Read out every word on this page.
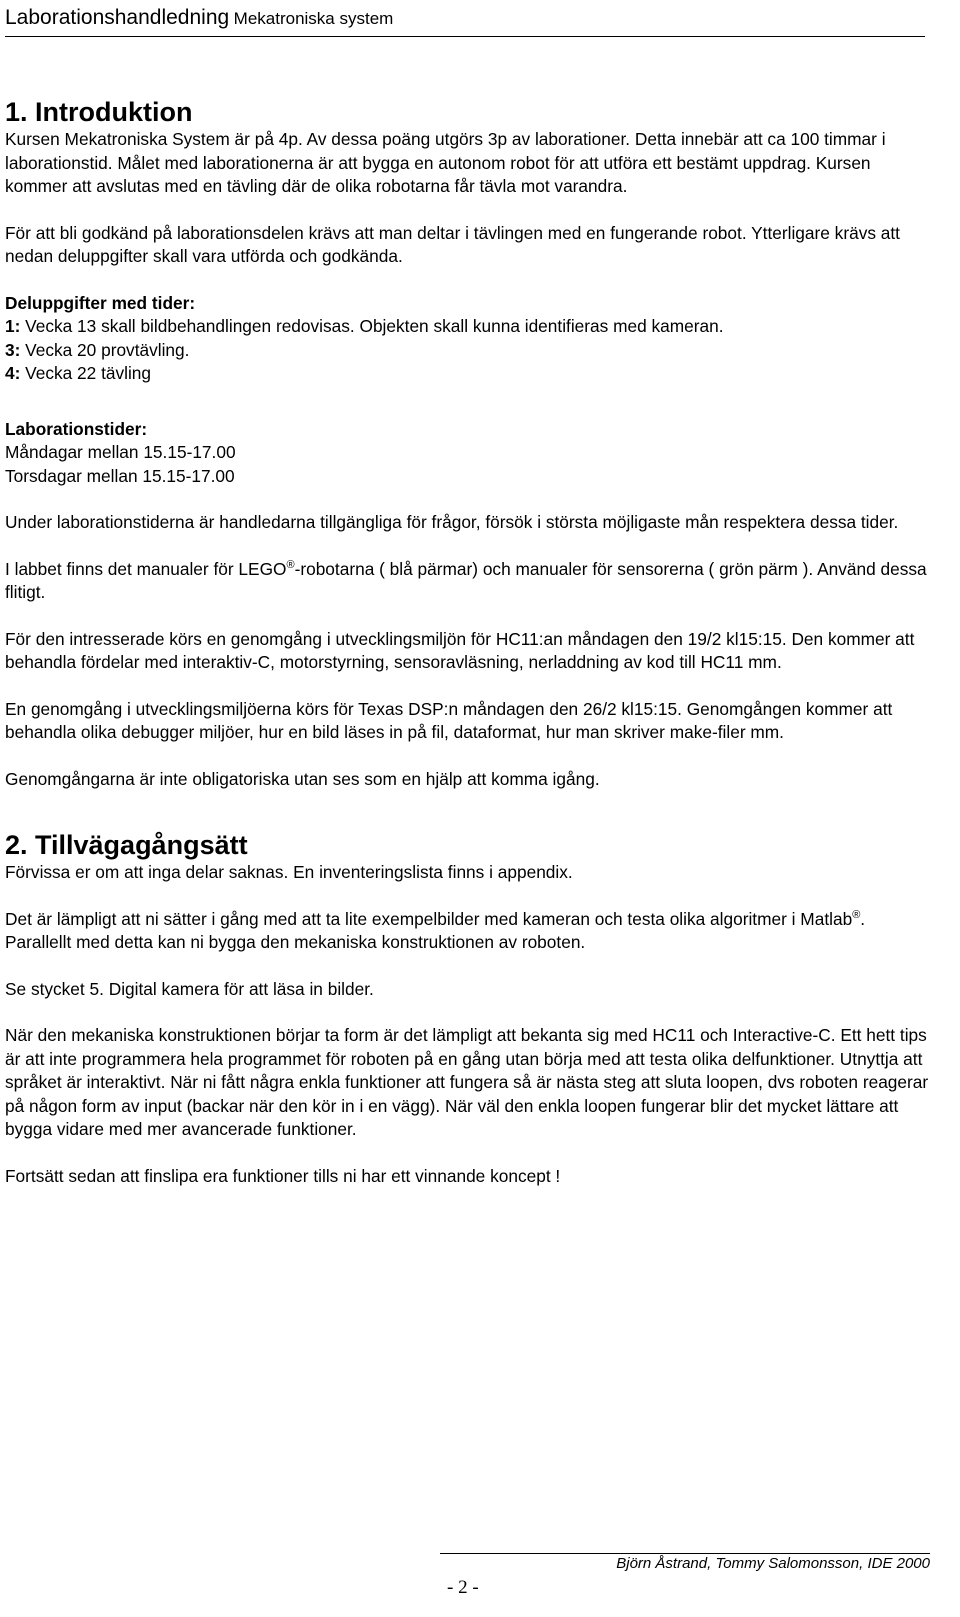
Laborationshandledning Mekatroniska system
1. Introduktion

Kursen Mekatroniska System är på 4p. Av dessa poäng utgörs 3p av laborationer. Detta innebär att ca 100 timmar i laborationstid. Målet med laborationerna är att bygga en autonom robot för att utföra ett bestämt uppdrag. Kursen kommer att avslutas med en tävling där de olika robotarna får tävla mot varandra.

För att bli godkänd på laborationsdelen krävs att man deltar i tävlingen med en fungerande robot. Ytterligare krävs att nedan deluppgifter skall vara utförda och godkända.

Deluppgifter med tider:

1: Vecka 13 skall bildbehandlingen redovisas. Objekten skall kunna identifieras med kameran.

3: Vecka 20 provtävling.

4: Vecka 22 tävling

Laborationstider:

Måndagar mellan 15.15-17.00

Torsdagar mellan 15.15-17.00

Under laborationstiderna är handledarna tillgängliga för frågor, försök i största möjligaste mån respektera dessa tider.

I labbet finns det manualer för LEGO®-robotarna ( blå pärmar) och manualer för sensorerna ( grön pärm ). Använd dessa flitigt.

För den intresserade körs en genomgång i utvecklingsmiljön för HC11:an måndagen den 19/2 kl15:15. Den kommer att behandla fördelar med interaktiv-C, motorstyrning, sensoravläsning, nerladdning av kod till HC11 mm.

En genomgång i utvecklingsmiljöerna körs för Texas DSP:n måndagen den 26/2 kl15:15. Genomgången kommer att behandla olika debugger miljöer, hur en bild läses in på fil, dataformat, hur man skriver make-filer mm.

Genomgångarna är inte obligatoriska utan ses som en hjälp att komma igång.

2. Tillvägagångsätt

Förvissa er om att inga delar saknas. En inventeringslista finns i appendix.

Det är lämpligt att ni sätter i gång med att ta lite exempelbilder med kameran och testa olika algoritmer i Matlab®. Parallellt med detta kan ni bygga den mekaniska konstruktionen av roboten.

Se stycket 5. Digital kamera för att läsa in bilder.

När den mekaniska konstruktionen börjar ta form är det lämpligt att bekanta sig med HC11 och Interactive-C. Ett hett tips är att inte programmera hela programmet för roboten på en gång utan börja med att testa olika delfunktioner. Utnyttja att språket är interaktivt. När ni fått några enkla funktioner att fungera så är nästa steg att sluta loopen, dvs roboten reagerar på någon form av input (backar när den kör in i en vägg). När väl den enkla loopen fungerar blir det mycket lättare att bygga vidare med mer avancerade funktioner.

Fortsätt sedan att finslipa era funktioner tills ni har ett vinnande koncept !

Björn Åstrand, Tommy Salomonsson, IDE 2000
- 2 -
